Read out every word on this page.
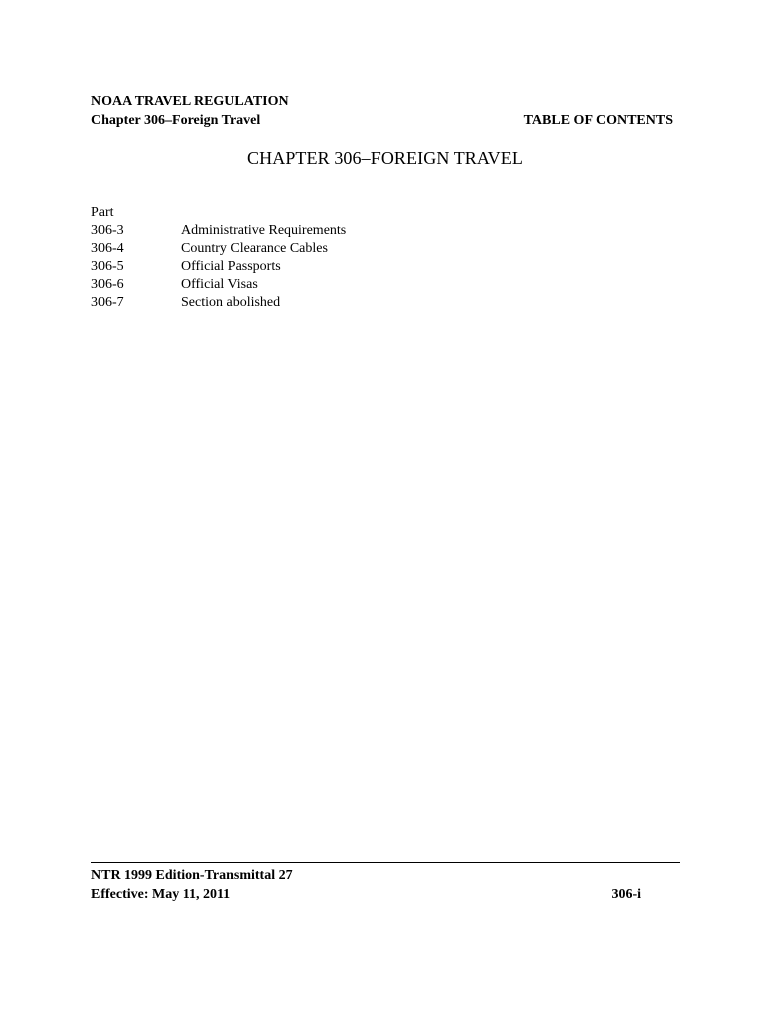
NOAA TRAVEL REGULATION
Chapter 306–Foreign Travel	TABLE OF CONTENTS
CHAPTER 306–FOREIGN TRAVEL
Part
306-3	Administrative Requirements
306-4	Country Clearance Cables
306-5	Official Passports
306-6	Official Visas
306-7	Section abolished
NTR 1999 Edition-Transmittal 27
Effective: May 11, 2011	306-i
